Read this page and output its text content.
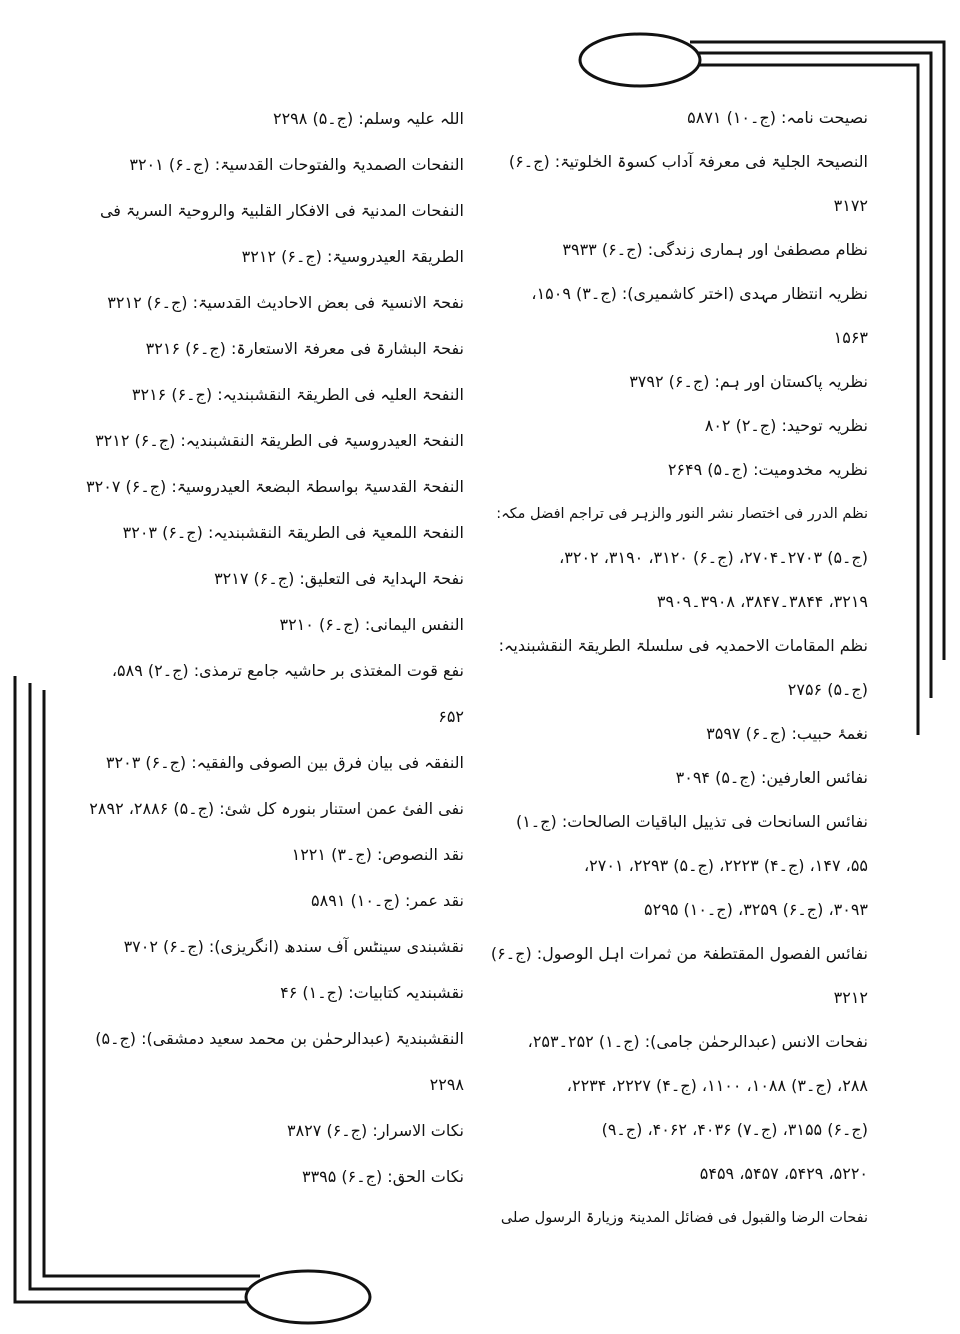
نصیحت نامہ: (ج۔۱۰) ۵۸۷۱
النصیحۃ الجلیۃ فی معرفۃ آداب کسوۃ الخلوتیۃ: (ج۔۶)
۳۱۷۲
نظام مصطفیٰ اور ہماری زندگی: (ج۔۶) ۳۹۳۳
نظریہ انتظار مہدی (اختر کاشمیری): (ج۔۳) ۱۵۰۹،
۱۵۶۳
نظریہ پاکستان اور ہم: (ج۔۶) ۳۷۹۲
نظریہ توحید: (ج۔۲) ۸۰۲
نظریہ مخدومیت: (ج۔۵) ۲۶۴۹
نظم الدرر فی اختصار نشر النور والزہر فی تراجم افضل مکہ:
(ج۔۵) ۲۷۰۳۔۲۷۰۴، (ج۔۶) ۳۱۲۰، ۳۱۹۰، ۳۲۰۲،
۳۲۱۹، ۳۸۴۴۔۳۸۴۷، ۳۹۰۸۔۳۹۰۹
نظم المقامات الاحمدیہ فی سلسلۃ الطریقۃ النقشبندیہ:
(ج۔۵) ۲۷۵۶
نغمۂ حبیب: (ج۔۶) ۳۵۹۷
نفائس العارفین: (ج۔۵) ۳۰۹۴
نفائس السانحات فی تذییل الباقیات الصالحات: (ج۔۱)
۵۵، ۱۴۷، (ج۔۴) ۲۲۲۳، (ج۔۵) ۲۲۹۳، ۲۷۰۱،
۳۰۹۳، (ج۔۶) ۳۲۵۹، (ج۔۱۰) ۵۲۹۵
نفائس الفصول المقتطفۃ من ثمرات اہل الوصول: (ج۔۶)
۳۲۱۲
نفحات الانس (عبدالرحمٰن جامی): (ج۔۱) ۲۵۲۔۲۵۳،
۲۸۸، (ج۔۳) ۱۰۸۸، ۱۱۰۰، (ج۔۴) ۲۲۲۷، ۲۲۳۴،
(ج۔۶) ۳۱۵۵، (ج۔۷) ۴۰۳۶، ۴۰۶۲، (ج۔۹)
۵۲۲۰، ۵۴۲۹، ۵۴۵۷، ۵۴۵۹
نفحات الرضا والقبول فی فضائل المدینۃ وزیارۃ الرسول صلی
اللہ علیہ وسلم: (ج۔۵) ۲۲۹۸
النفحات الصمدیۃ والفتوحات القدسیۃ: (ج۔۶) ۳۲۰۱
النفحات المدنیۃ فی الافکار القلبیۃ والروحیۃ السریۃ فی
الطریقۃ العیدروسیۃ: (ج۔۶) ۳۲۱۲
نفحۃ الانسیۃ فی بعض الاحادیث القدسیۃ: (ج۔۶) ۳۲۱۲
نفحۃ البشارۃ فی معرفۃ الاستعارۃ: (ج۔۶) ۳۲۱۶
النفحۃ العلیہ فی الطریقۃ النقشبندیہ: (ج۔۶) ۳۲۱۶
النفحۃ العیدروسیۃ فی الطریقۃ النقشبندیہ: (ج۔۶) ۳۲۱۲
النفحۃ القدسیۃ بواسطۃ البضعۃ العیدروسیۃ: (ج۔۶) ۳۲۰۷
النفحۃ اللمعیۃ فی الطریقۃ النقشبندیہ: (ج۔۶) ۳۲۰۳
نفحۃ الہدایۃ فی التعلیق: (ج۔۶) ۳۲۱۷
النفس الیمانی: (ج۔۶) ۳۲۱۰
نفع قوت المغتذی بر حاشیہ جامع ترمذی: (ج۔۲) ۵۸۹،
۶۵۲
النفقہ فی بیان فرق بین الصوفی والفقیہ: (ج۔۶) ۳۲۰۳
نفی الفئ عمن استنار بنورہ کل شئ: (ج۔۵) ۲۸۸۶، ۲۸۹۲
نقد النصوص: (ج۔۳) ۱۲۲۱
نقد عمر: (ج۔۱۰) ۵۸۹۱
نقشبندی سینٹس آف سندھ (انگریزی): (ج۔۶) ۳۷۰۲
نقشبندیہ کتابیات: (ج۔۱) ۴۶
النقشبندیۃ (عبدالرحمٰن بن محمد سعید دمشقی): (ج۔۵)
۲۲۹۸
نکات الاسرار: (ج۔۶) ۳۸۲۷
نکات الحق: (ج۔۶) ۳۳۹۵
